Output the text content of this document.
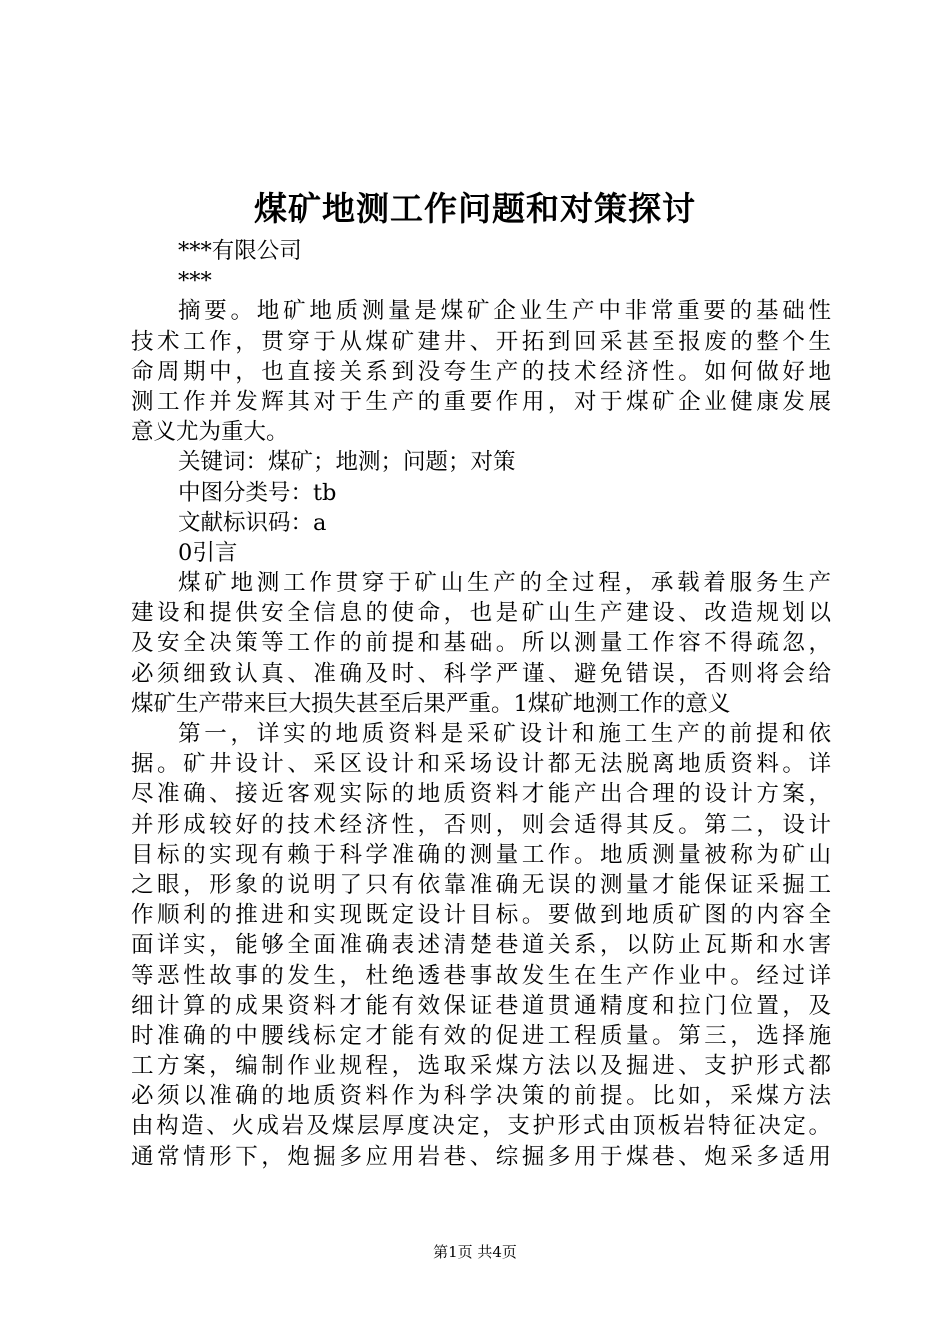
煤矿地测工作问题和对策探讨
***有限公司
***
摘要。地矿地质测量是煤矿企业生产中非常重要的基础性
技术工作，贯穿于从煤矿建井、开拓到回采甚至报废的整个生
命周期中，也直接关系到没夸生产的技术经济性。如何做好地
测工作并发辉其对于生产的重要作用，对于煤矿企业健康发展
意义尤为重大。
关键词：煤矿；地测；问题；对策
中图分类号：tb
文献标识码：a
0引言
煤矿地测工作贯穿于矿山生产的全过程，承载着服务生产
建设和提供安全信息的使命，也是矿山生产建设、改造规划以
及安全决策等工作的前提和基础。所以测量工作容不得疏忽，
必须细致认真、准确及时、科学严谨、避免错误，否则将会给
煤矿生产带来巨大损失甚至后果严重。1煤矿地测工作的意义
第一，详实的地质资料是采矿设计和施工生产的前提和依
据。矿井设计、采区设计和采场设计都无法脱离地质资料。详
尽准确、接近客观实际的地质资料才能产出合理的设计方案，
并形成较好的技术经济性，否则，则会适得其反。第二，设计
目标的实现有赖于科学准确的测量工作。地质测量被称为矿山
之眼，形象的说明了只有依靠准确无误的测量才能保证采掘工
作顺利的推进和实现既定设计目标。要做到地质矿图的内容全
面详实，能够全面准确表述清楚巷道关系，以防止瓦斯和水害
等恶性故事的发生，杜绝透巷事故发生在生产作业中。经过详
细计算的成果资料才能有效保证巷道贯通精度和拉门位置，及
时准确的中腰线标定才能有效的促进工程质量。第三，选择施
工方案，编制作业规程，选取采煤方法以及掘进、支护形式都
必须以准确的地质资料作为科学决策的前提。比如，采煤方法
由构造、火成岩及煤层厚度决定，支护形式由顶板岩特征决定。
通常情形下，炮掘多应用岩巷、综掘多用于煤巷、炮采多适用
第1页 共4页
